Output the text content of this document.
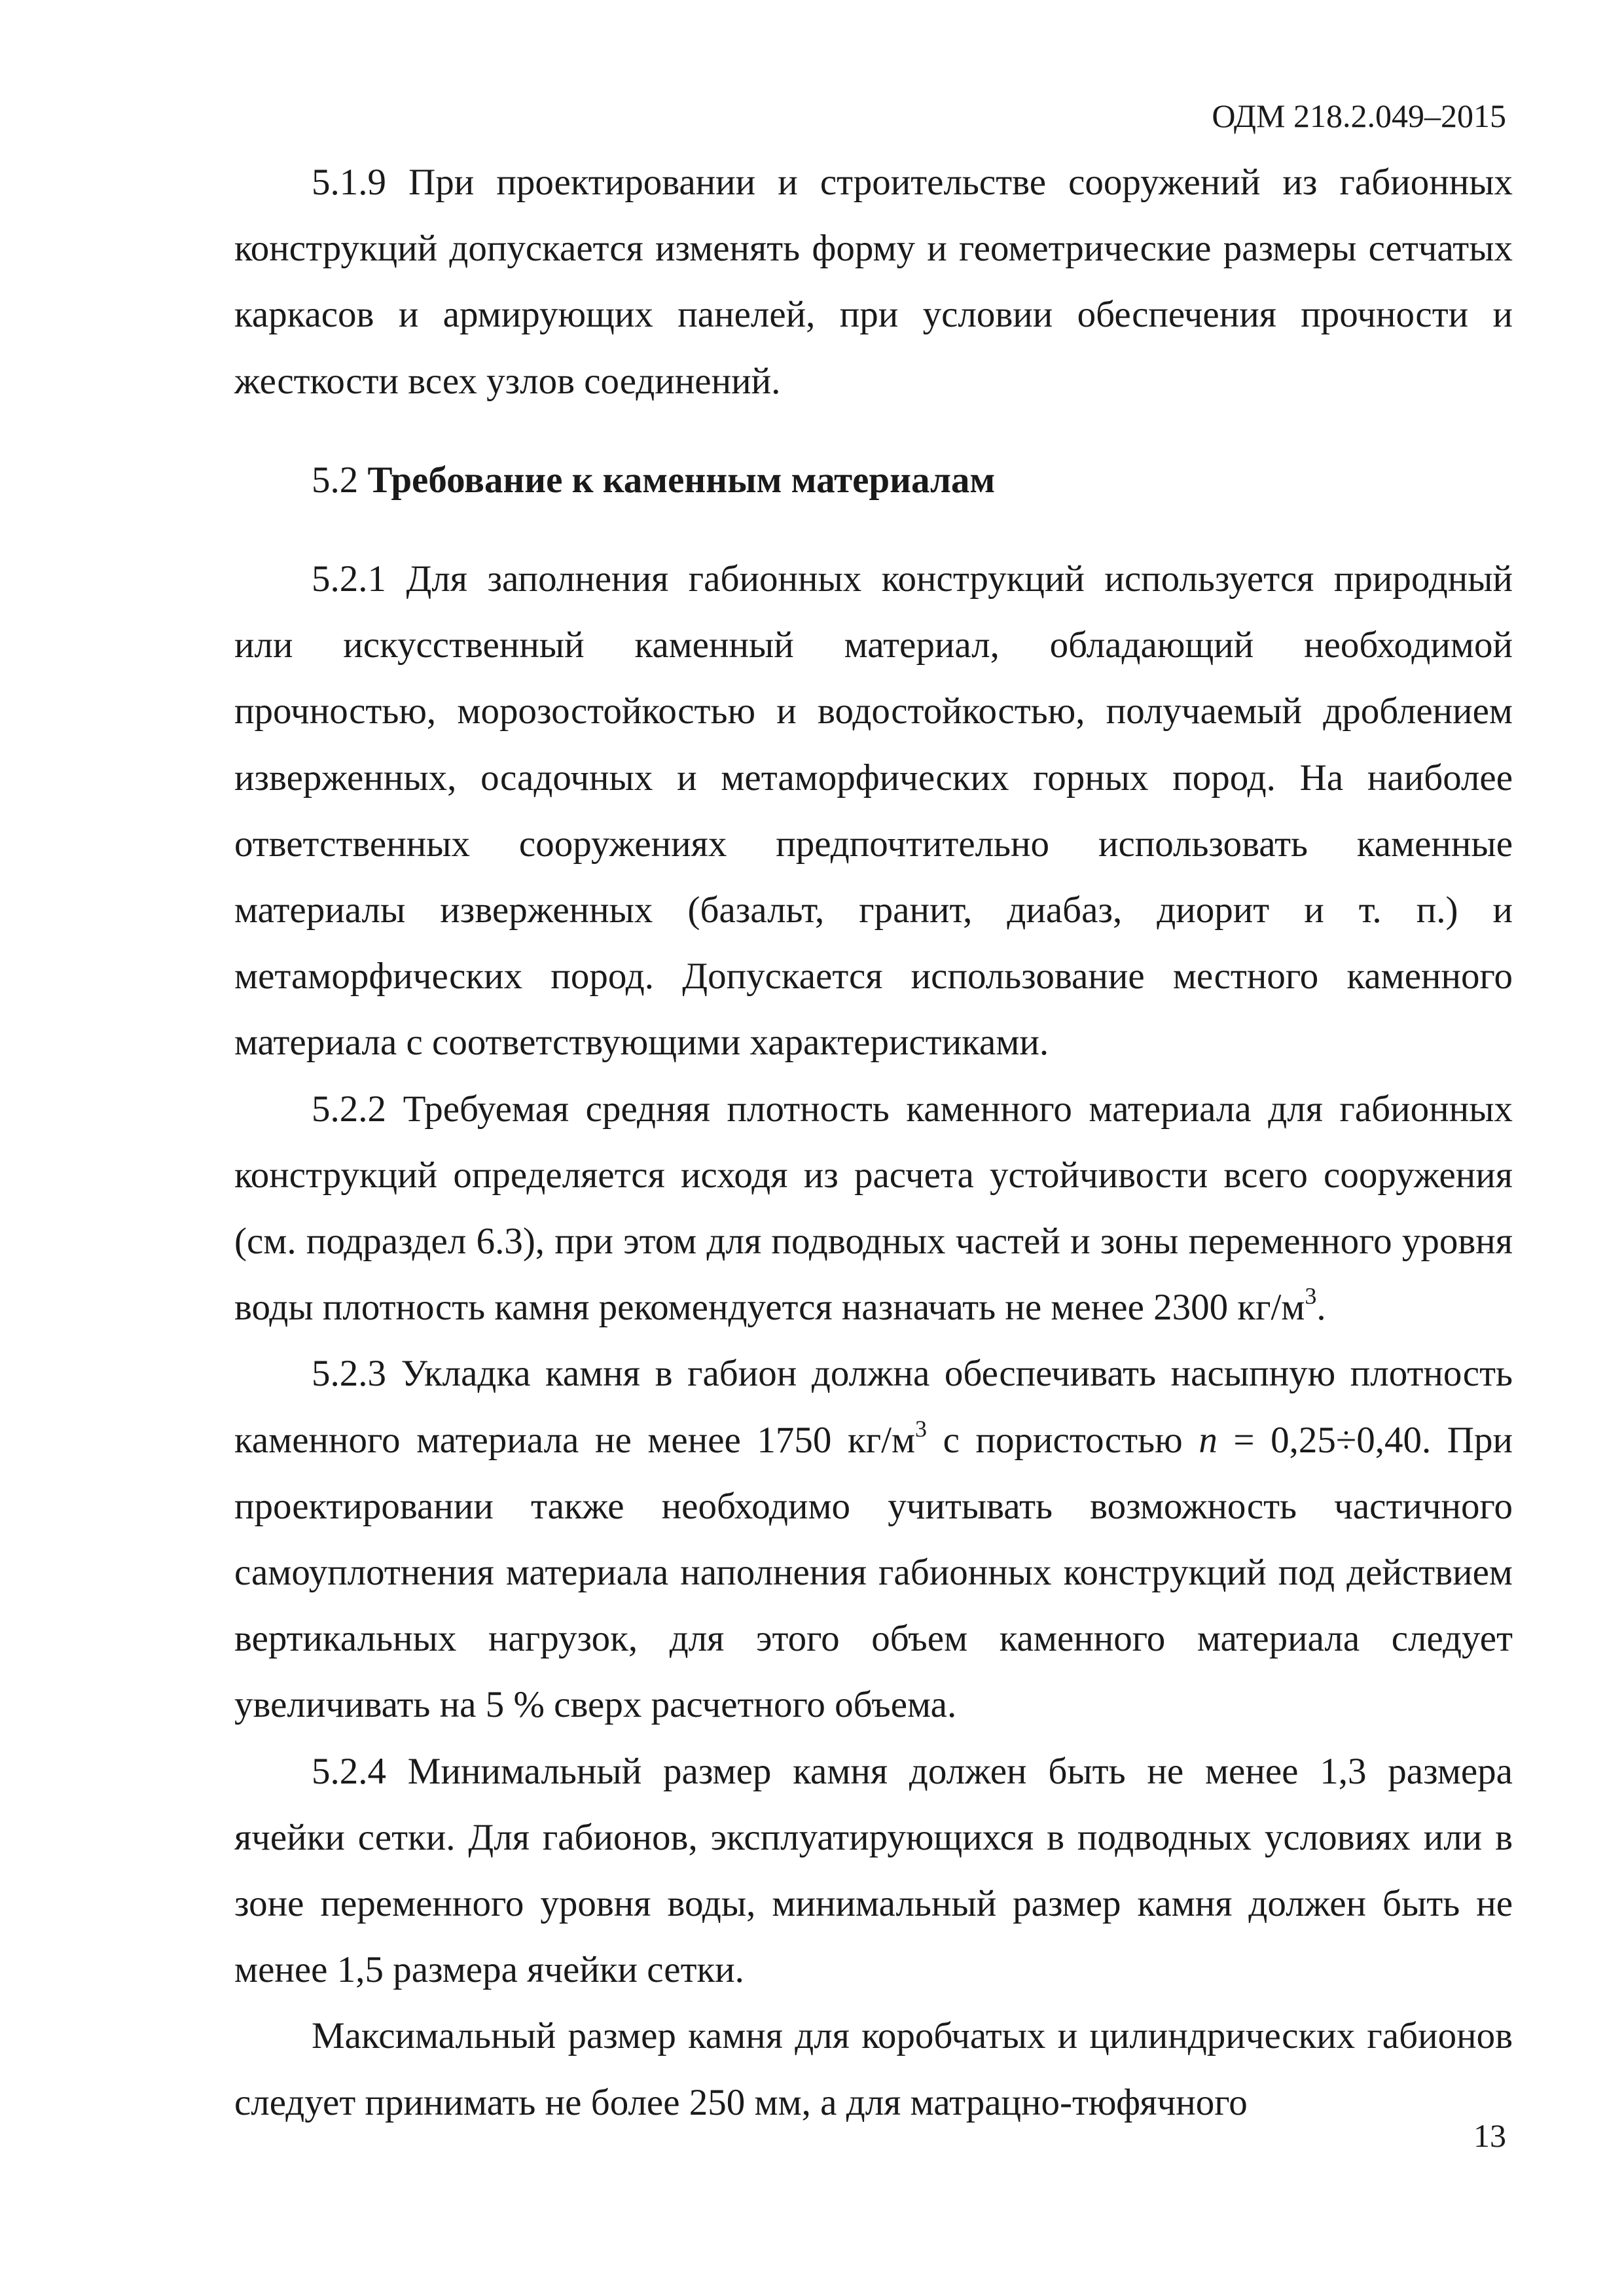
ОДМ 218.2.049–2015

5.1.9 При проектировании и строительстве сооружений из габионных конструкций допускается изменять форму и геометрические размеры сетчатых каркасов и армирующих панелей, при условии обеспечения прочности и жесткости всех узлов соединений.

5.2 Требование к каменным материалам

5.2.1 Для заполнения габионных конструкций используется природный или искусственный каменный материал, обладающий необходимой прочностью, морозостойкостью и водостойкостью, получаемый дроблением изверженных, осадочных и метаморфических горных пород. На наиболее ответственных сооружениях предпочтительно использовать каменные материалы изверженных (базальт, гранит, диабаз, диорит и т. п.) и метаморфических пород. Допускается использование местного каменного материала с соответствующими характеристиками.

5.2.2 Требуемая средняя плотность каменного материала для габионных конструкций определяется исходя из расчета устойчивости всего сооружения (см. подраздел 6.3), при этом для подводных частей и зоны переменного уровня воды плотность камня рекомендуется назначать не менее 2300 $кг/м^3$.

5.2.3 Укладка камня в габион должна обеспечивать насыпную плотность каменного материала не менее 1750 $кг/м^3$ с пористостью n = 0,25÷0,40. При проектировании также необходимо учитывать возможность частичного самоуплотнения материала наполнения габионных конструкций под действием вертикальных нагрузок, для этого объем каменного материала следует увеличивать на 5 % сверх расчетного объема.

5.2.4 Минимальный размер камня должен быть не менее 1,3 размера ячейки сетки. Для габионов, эксплуатирующихся в подводных условиях или в зоне переменного уровня воды, минимальный размер камня должен быть не менее 1,5 размера ячейки сетки.

Максимальный размер камня для коробчатых и цилиндрических габионов следует принимать не более 250 мм, а для матрацно-тюфячного

13
